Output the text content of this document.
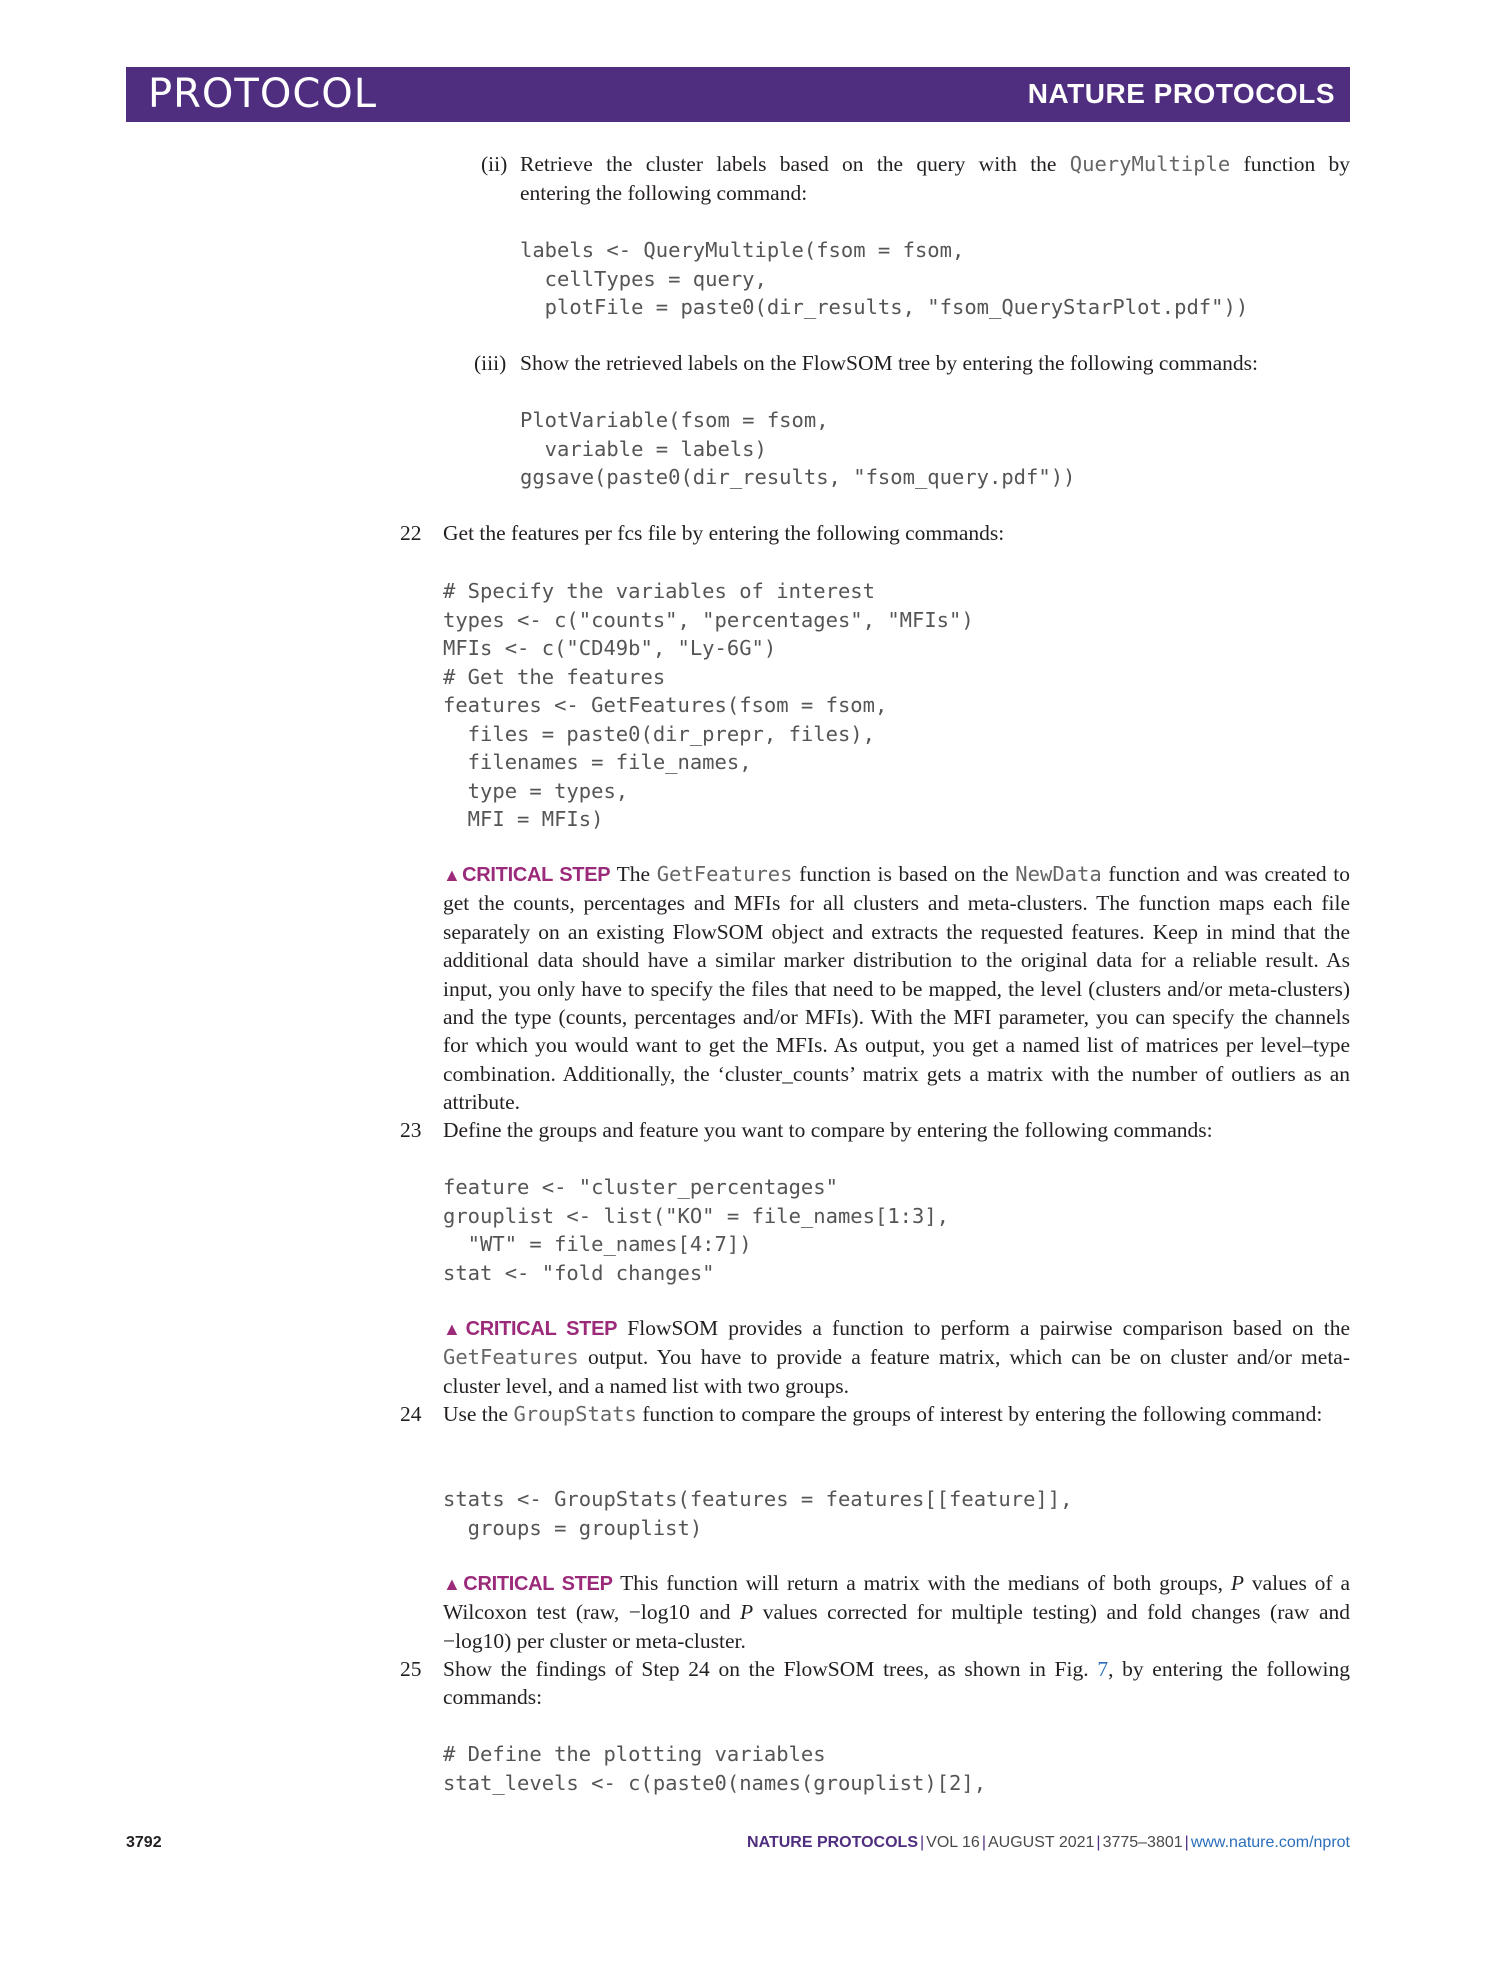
PROTOCOL	NATURE PROTOCOLS
(ii) Retrieve the cluster labels based on the query with the QueryMultiple function by
entering the following command:
labels <- QueryMultiple(fsom = fsom,
cellTypes = query,
plotFile = paste0(dir_results, "fsom_QueryStarPlot.pdf"))
(iii) Show the retrieved labels on the FlowSOM tree by entering the following commands:
PlotVariable(fsom = fsom,
variable = labels)
ggsave(paste0(dir_results, "fsom_query.pdf"))
22 Get the features per fcs file by entering the following commands:
# Specify the variables of interest
types <- c("counts", "percentages", "MFIs")
MFIs <- c("CD49b", "Ly-6G")
# Get the features
features <- GetFeatures(fsom = fsom,
files = paste0(dir_prepr, files),
filenames = file_names,
type = types,
MFI = MFIs)
▲CRITICAL STEP The GetFeatures function is based on the NewData function and was created to get the counts, percentages and MFIs for all clusters and meta-clusters. The function maps each file separately on an existing FlowSOM object and extracts the requested features. Keep in mind that the additional data should have a similar marker distribution to the original data for a reliable result. As input, you only have to specify the files that need to be mapped, the level (clusters and/or meta-clusters) and the type (counts, percentages and/or MFIs). With the MFI parameter, you can specify the channels for which you would want to get the MFIs. As output, you get a named list of matrices per level–type combination. Additionally, the ‘cluster_counts’ matrix gets a matrix with the number of outliers as an attribute.
23 Define the groups and feature you want to compare by entering the following commands:
feature <- "cluster_percentages"
grouplist <- list("KO" = file_names[1:3],
"WT" = file_names[4:7])
stat <- "fold changes"
▲CRITICAL STEP FlowSOM provides a function to perform a pairwise comparison based on the GetFeatures output. You have to provide a feature matrix, which can be on cluster and/or meta-cluster level, and a named list with two groups.
24 Use the GroupStats function to compare the groups of interest by entering the following command:
stats <- GroupStats(features = features[[feature]],
groups = grouplist)
▲CRITICAL STEP This function will return a matrix with the medians of both groups, P values of a Wilcoxon test (raw, −log10 and P values corrected for multiple testing) and fold changes (raw and −log10) per cluster or meta-cluster.
25 Show the findings of Step 24 on the FlowSOM trees, as shown in Fig. 7, by entering the following commands:
# Define the plotting variables
stat_levels <- c(paste0(names(grouplist)[2],
3792	NATURE PROTOCOLS | VOL 16 | AUGUST 2021 | 3775–3801 | www.nature.com/nprot
